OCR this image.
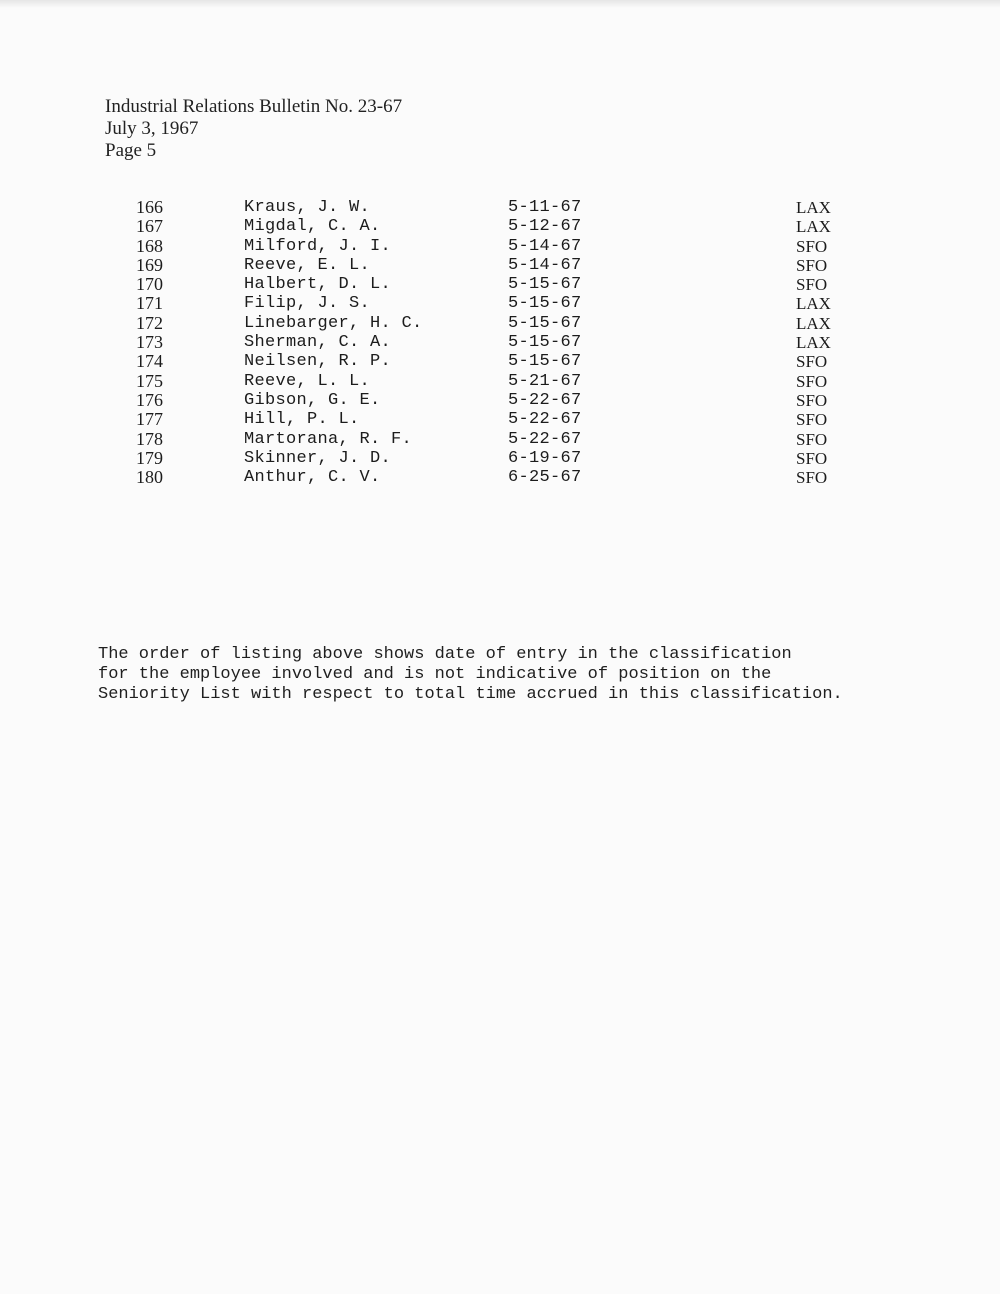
Industrial Relations Bulletin No. 23-67
July 3, 1967
Page 5
166	Kraus, J. W.	5-11-67	LAX
167	Migdal, C. A.	5-12-67	LAX
168	Milford, J. I.	5-14-67	SFO
169	Reeve, E. L.	5-14-67	SFO
170	Halbert, D. L.	5-15-67	SFO
171	Filip, J. S.	5-15-67	LAX
172	Linebarger, H. C.	5-15-67	LAX
173	Sherman, C. A.	5-15-67	LAX
174	Neilsen, R. P.	5-15-67	SFO
175	Reeve, L. L.	5-21-67	SFO
176	Gibson, G. E.	5-22-67	SFO
177	Hill, P. L.	5-22-67	SFO
178	Martorana, R. F.	5-22-67	SFO
179	Skinner, J. D.	6-19-67	SFO
180	Anthur, C. V.	6-25-67	SFO
The order of listing above shows date of entry in the classification
for the employee involved and is not indicative of position on the
Seniority List with respect to total time accrued in this classification.
